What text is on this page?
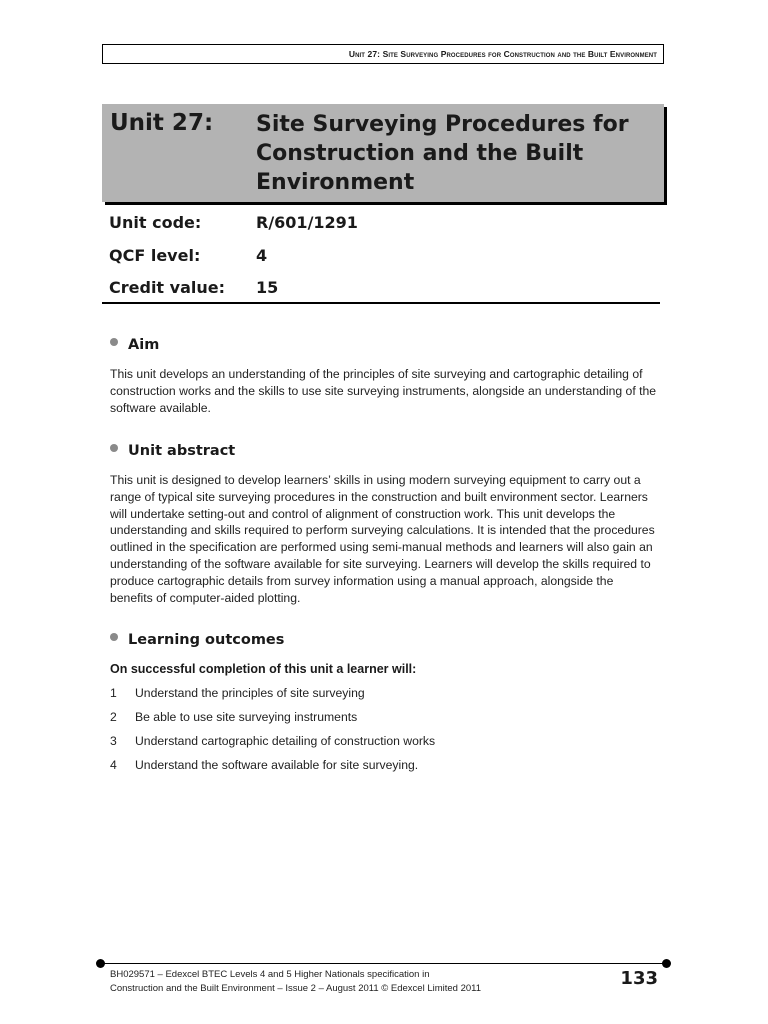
Unit 27: Site Surveying Procedures for Construction and the Built Environment
Unit 27: Site Surveying Procedures for Construction and the Built Environment
Unit code:	R/601/1291
QCF level:	4
Credit value: 15
Aim
This unit develops an understanding of the principles of site surveying and cartographic detailing of construction works and the skills to use site surveying instruments, alongside an understanding of the software available.
Unit abstract
This unit is designed to develop learners’ skills in using modern surveying equipment to carry out a range of typical site surveying procedures in the construction and built environment sector. Learners will undertake setting-out and control of alignment of construction work. This unit develops the understanding and skills required to perform surveying calculations. It is intended that the procedures outlined in the specification are performed using semi-manual methods and learners will also gain an understanding of the software available for site surveying. Learners will develop the skills required to produce cartographic details from survey information using a manual approach, alongside the benefits of computer-aided plotting.
Learning outcomes
On successful completion of this unit a learner will:
1 Understand the principles of site surveying
2 Be able to use site surveying instruments
3 Understand cartographic detailing of construction works
4 Understand the software available for site surveying.
BH029571 – Edexcel BTEC Levels 4 and 5 Higher Nationals specification in
Construction and the Built Environment – Issue 2 – August 2011 © Edexcel Limited 2011	133
